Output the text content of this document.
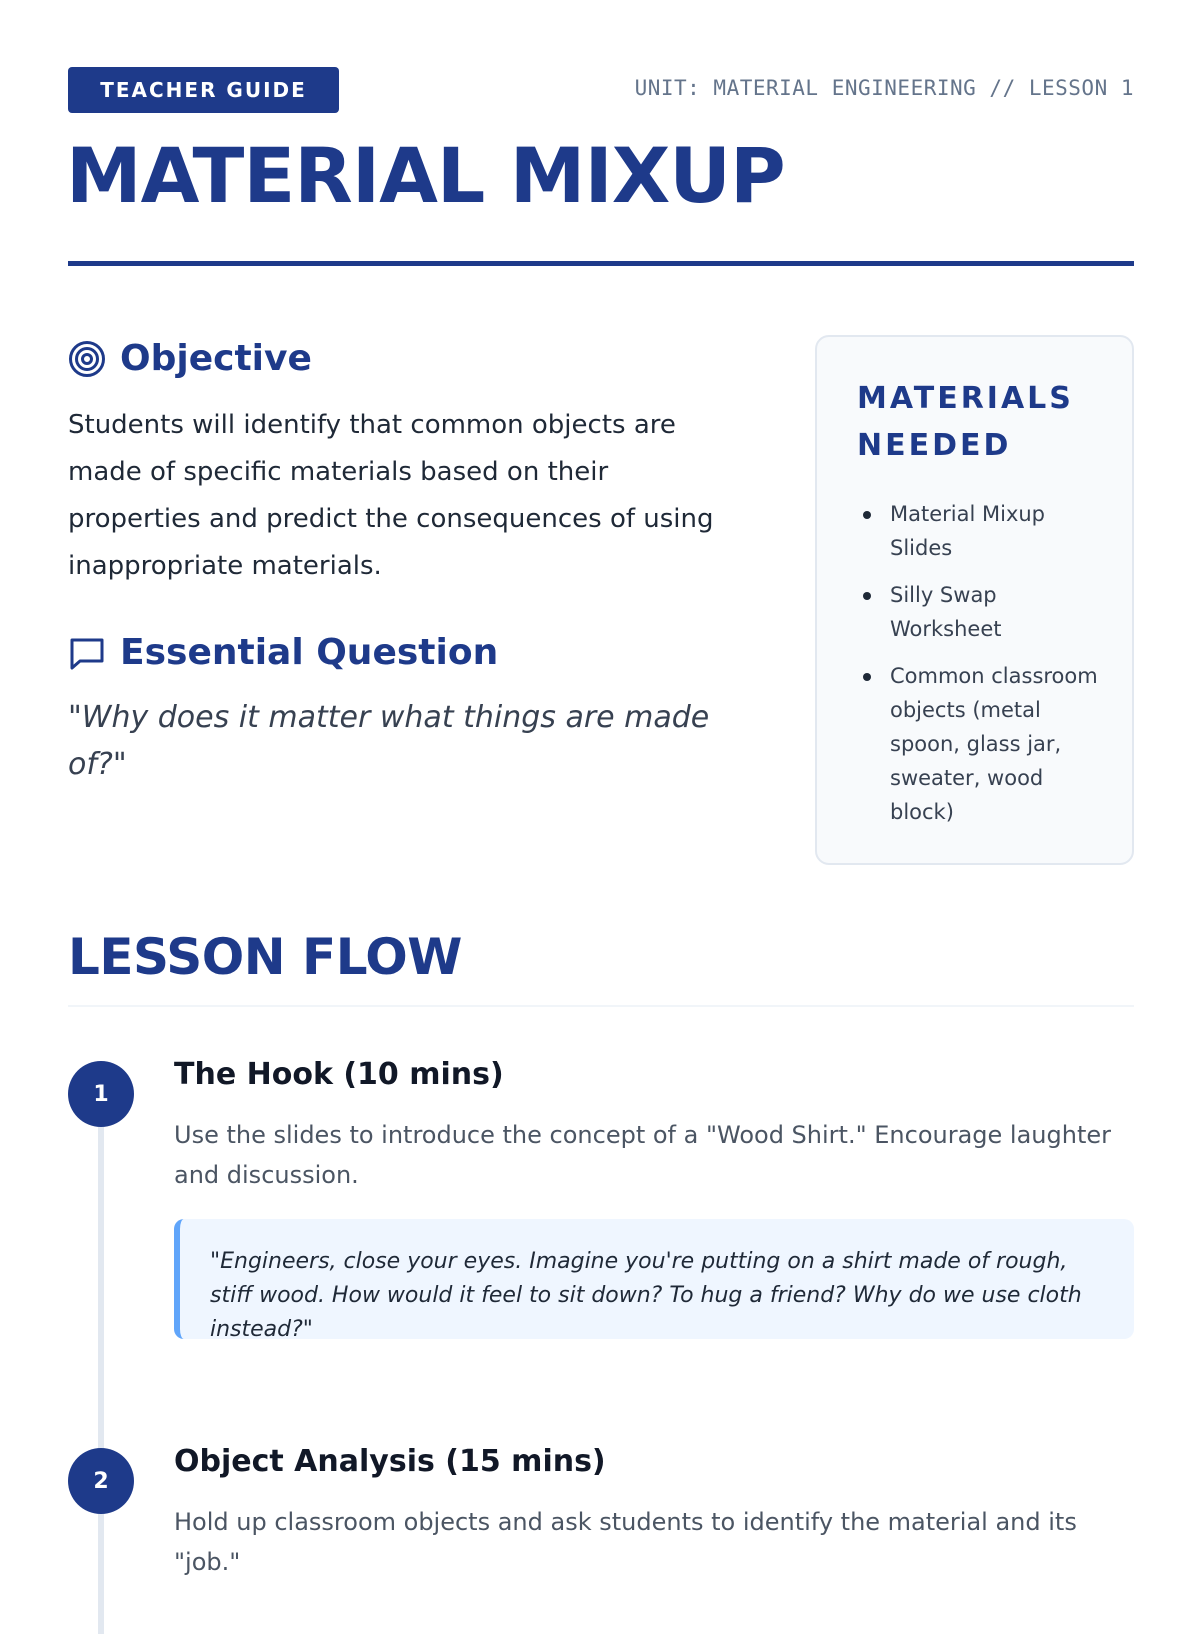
TEACHER GUIDE	UNIT: MATERIAL ENGINEERING // LESSON 1
MATERIAL MIXUP
Objective

Students will identify that common objects are made of specific materials based on their properties and predict the consequences of using inappropriate materials.

Essential Question

"Why does it matter what things are made of?"

MATERIALS NEEDED
Material Mixup Slides
Silly Swap Worksheet
Common classroom objects (metal spoon, glass jar, sweater, wood block)
LESSON FLOW
1
The Hook (10 mins)

Use the slides to introduce the concept of a "Wood Shirt." Encourage laughter and discussion.

"Engineers, close your eyes. Imagine you're putting on a shirt made of rough, stiff wood. How would it feel to sit down? To hug a friend? Why do we use cloth instead?"
2
Object Analysis (15 mins)

Hold up classroom objects and ask students to identify the material and its "job."
